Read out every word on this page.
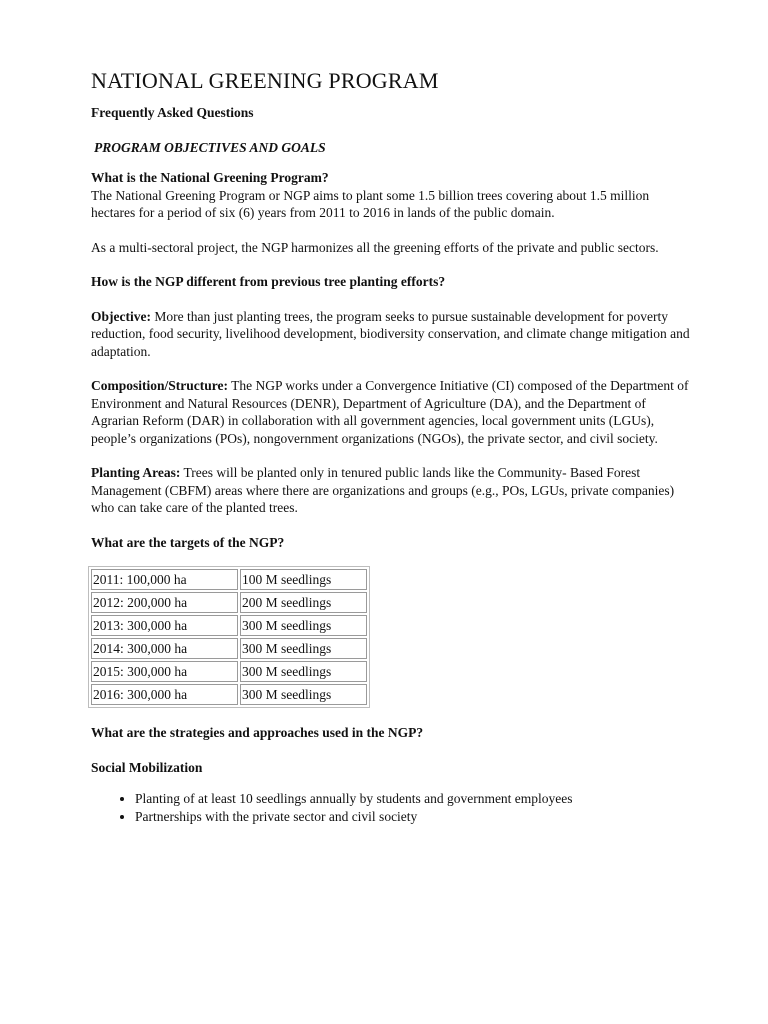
NATIONAL GREENING PROGRAM
Frequently Asked Questions
PROGRAM OBJECTIVES AND GOALS

What is the National Greening Program?

The National Greening Program or NGP aims to plant some 1.5 billion trees covering about 1.5 million hectares for a period of six (6) years from 2011 to 2016 in lands of the public domain.

As a multi-sectoral project, the NGP harmonizes all the greening efforts of the private and public sectors.

How is the NGP different from previous tree planting efforts?

Objective: More than just planting trees, the program seeks to pursue sustainable development for poverty reduction, food security, livelihood development, biodiversity conservation, and climate change mitigation and adaptation.

Composition/Structure: The NGP works under a Convergence Initiative (CI) composed of the Department of Environment and Natural Resources (DENR), Department of Agriculture (DA), and the Department of Agrarian Reform (DAR) in collaboration with all government agencies, local government units (LGUs), people’s organizations (POs), nongovernment organizations (NGOs), the private sector, and civil society.

Planting Areas: Trees will be planted only in tenured public lands like the Community- Based Forest Management (CBFM) areas where there are organizations and groups (e.g., POs, LGUs, private companies) who can take care of the planted trees.

What are the targets of the NGP?

2011: 100,000 ha	100 M seedlings
2012: 200,000 ha	200 M seedlings
2013: 300,000 ha	300 M seedlings
2014: 300,000 ha	300 M seedlings
2015: 300,000 ha	300 M seedlings
2016: 300,000 ha	300 M seedlings

What are the strategies and approaches used in the NGP?

Social Mobilization

• Planting of at least 10 seedlings annually by students and government employees
• Partnerships with the private sector and civil society
